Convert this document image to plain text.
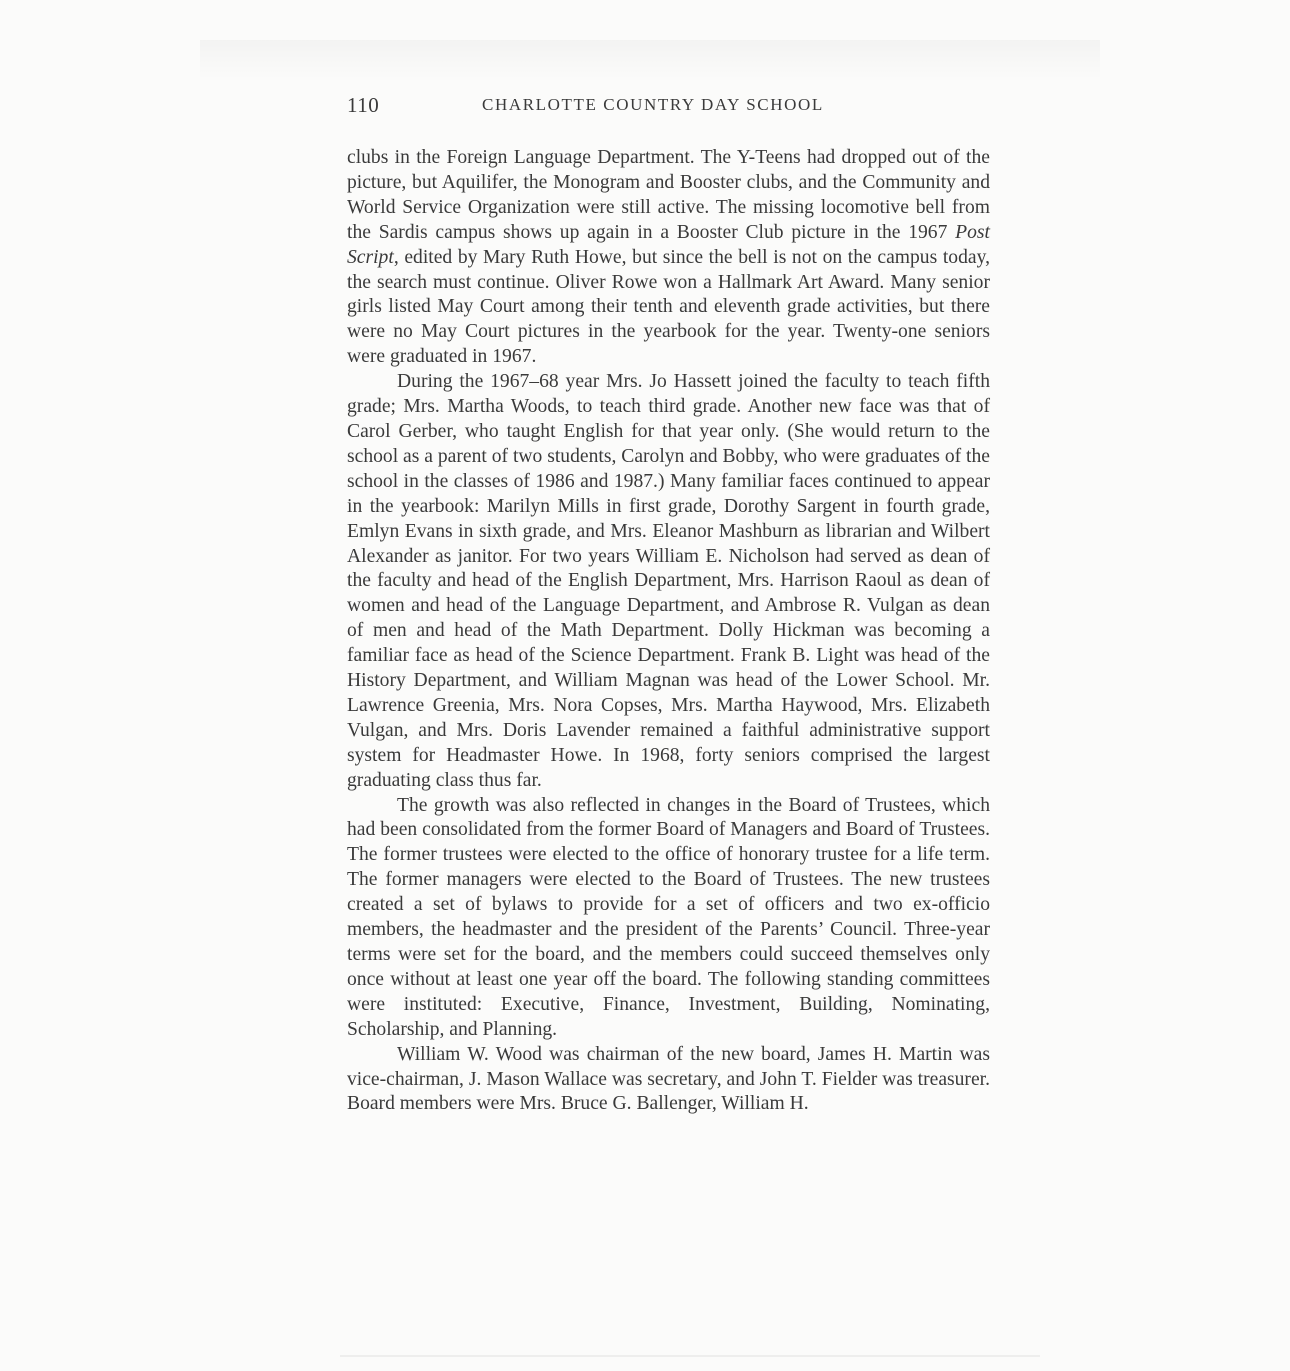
110	CHARLOTTE COUNTRY DAY SCHOOL

clubs in the Foreign Language Department. The Y-Teens had dropped out of the picture, but Aquilifer, the Monogram and Booster clubs, and the Community and World Service Organization were still active. The missing locomotive bell from the Sardis campus shows up again in a Booster Club picture in the 1967 Post Script, edited by Mary Ruth Howe, but since the bell is not on the campus today, the search must continue. Oliver Rowe won a Hallmark Art Award. Many senior girls listed May Court among their tenth and eleventh grade activities, but there were no May Court pictures in the yearbook for the year. Twenty-one seniors were graduated in 1967.

During the 1967–68 year Mrs. Jo Hassett joined the faculty to teach fifth grade; Mrs. Martha Woods, to teach third grade. Another new face was that of Carol Gerber, who taught English for that year only. (She would return to the school as a parent of two students, Carolyn and Bobby, who were graduates of the school in the classes of 1986 and 1987.) Many familiar faces continued to appear in the yearbook: Marilyn Mills in first grade, Dorothy Sargent in fourth grade, Emlyn Evans in sixth grade, and Mrs. Eleanor Mashburn as librarian and Wilbert Alexander as janitor. For two years William E. Nicholson had served as dean of the faculty and head of the English Department, Mrs. Harrison Raoul as dean of women and head of the Language Department, and Ambrose R. Vulgan as dean of men and head of the Math Department. Dolly Hickman was becoming a familiar face as head of the Science Department. Frank B. Light was head of the History Department, and William Magnan was head of the Lower School. Mr. Lawrence Greenia, Mrs. Nora Copses, Mrs. Martha Haywood, Mrs. Elizabeth Vulgan, and Mrs. Doris Lavender remained a faithful administrative support system for Headmaster Howe. In 1968, forty seniors comprised the largest graduating class thus far.

The growth was also reflected in changes in the Board of Trustees, which had been consolidated from the former Board of Managers and Board of Trustees. The former trustees were elected to the office of honorary trustee for a life term. The former managers were elected to the Board of Trustees. The new trustees created a set of bylaws to provide for a set of officers and two ex-officio members, the headmaster and the president of the Parents’ Council. Three-year terms were set for the board, and the members could succeed themselves only once without at least one year off the board. The following standing committees were instituted: Executive, Finance, Investment, Building, Nominating, Scholarship, and Planning.

William W. Wood was chairman of the new board, James H. Martin was vice-chairman, J. Mason Wallace was secretary, and John T. Fielder was treasurer. Board members were Mrs. Bruce G. Ballenger, William H.
